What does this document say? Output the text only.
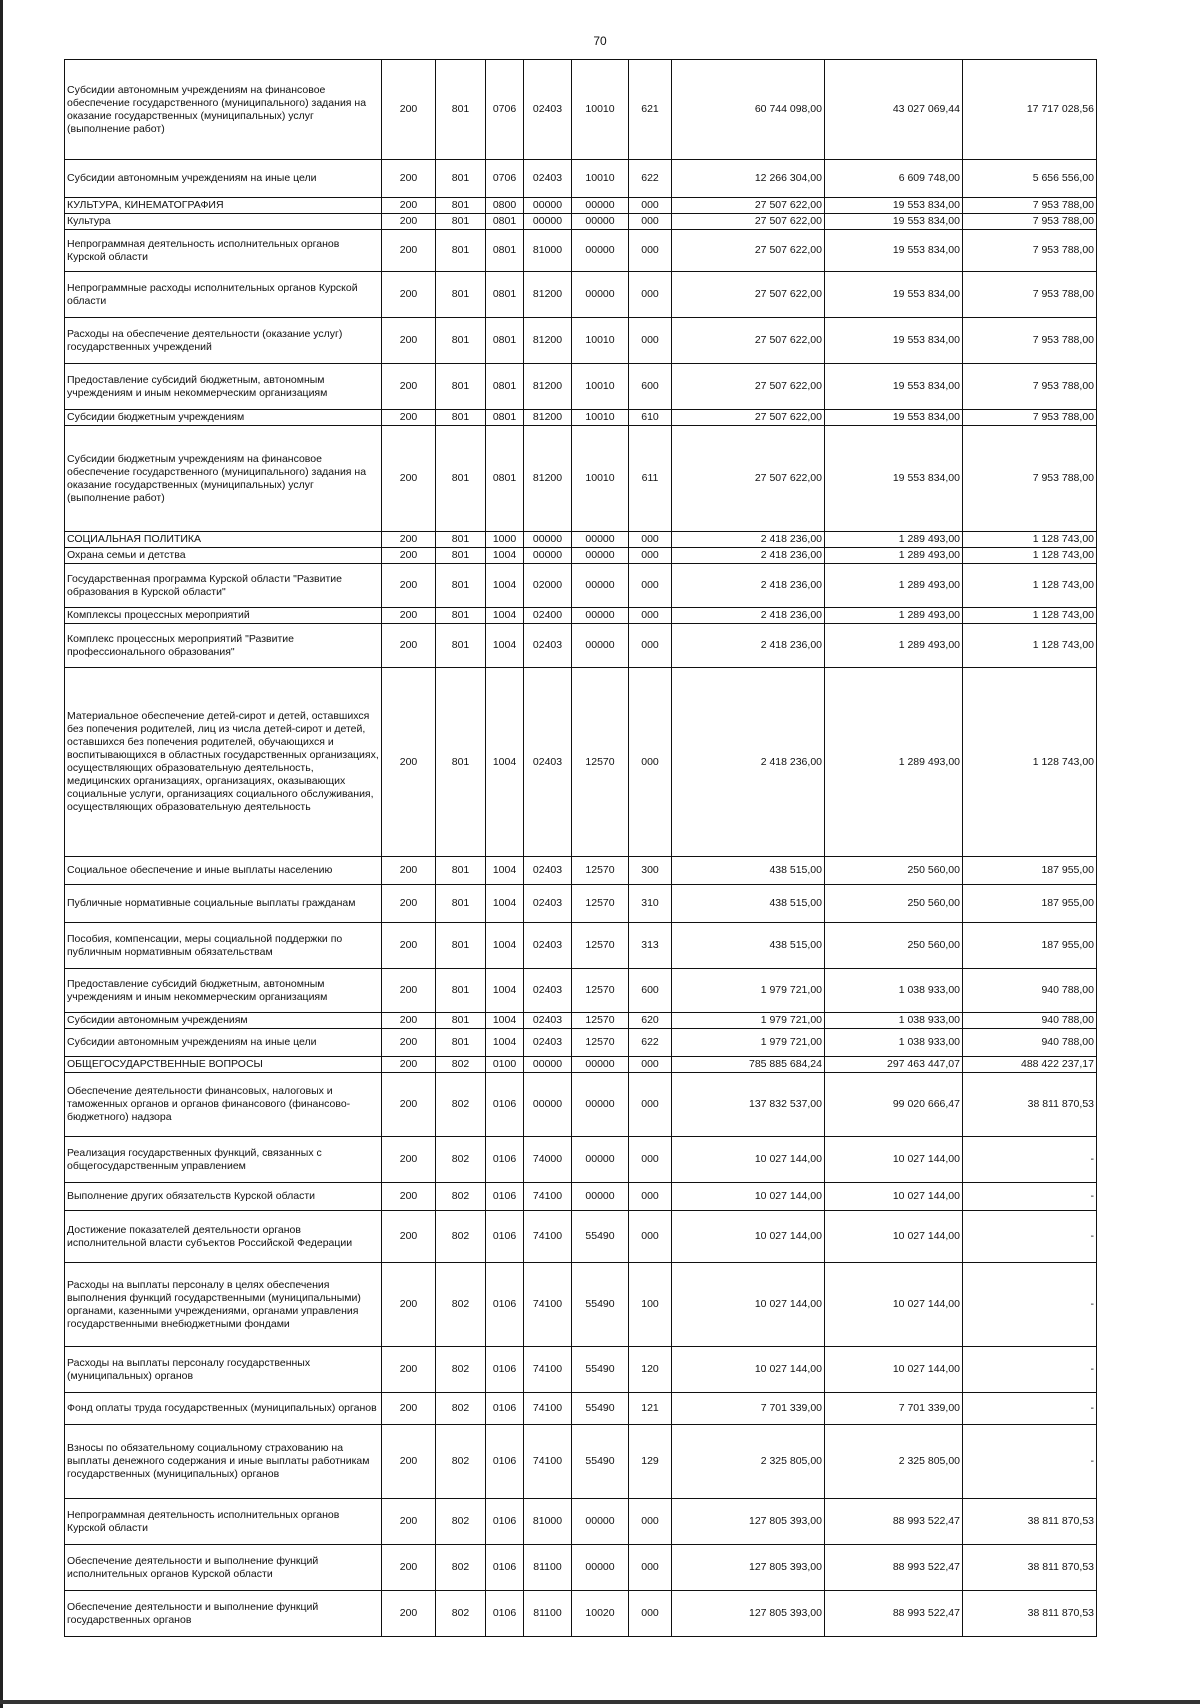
70
Субсидии автономным учреждениям на финансовое обеспечение государственного (муниципального) задания на оказание государственных (муниципальных) услуг (выполнение работ)	200	801	0706	02403	10010	621	60 744 098,00	43 027 069,44	17 717 028,56
Субсидии автономным учреждениям на иные цели	200	801	0706	02403	10010	622	12 266 304,00	6 609 748,00	5 656 556,00
КУЛЬТУРА, КИНЕМАТОГРАФИЯ	200	801	0800	00000	00000	000	27 507 622,00	19 553 834,00	7 953 788,00
Культура	200	801	0801	00000	00000	000	27 507 622,00	19 553 834,00	7 953 788,00
Непрограммная деятельность исполнительных органов Курской области	200	801	0801	81000	00000	000	27 507 622,00	19 553 834,00	7 953 788,00
Непрограммные расходы исполнительных органов Курской области	200	801	0801	81200	00000	000	27 507 622,00	19 553 834,00	7 953 788,00
Расходы на обеспечение деятельности (оказание услуг) государственных учреждений	200	801	0801	81200	10010	000	27 507 622,00	19 553 834,00	7 953 788,00
Предоставление субсидий бюджетным, автономным учреждениям и иным некоммерческим организациям	200	801	0801	81200	10010	600	27 507 622,00	19 553 834,00	7 953 788,00
Субсидии бюджетным учреждениям	200	801	0801	81200	10010	610	27 507 622,00	19 553 834,00	7 953 788,00
Субсидии бюджетным учреждениям на финансовое обеспечение государственного (муниципального) задания на оказание государственных (муниципальных) услуг (выполнение работ)	200	801	0801	81200	10010	611	27 507 622,00	19 553 834,00	7 953 788,00
СОЦИАЛЬНАЯ ПОЛИТИКА	200	801	1000	00000	00000	000	2 418 236,00	1 289 493,00	1 128 743,00
Охрана семьи и детства	200	801	1004	00000	00000	000	2 418 236,00	1 289 493,00	1 128 743,00
Государственная программа Курской области "Развитие образования в Курской области"	200	801	1004	02000	00000	000	2 418 236,00	1 289 493,00	1 128 743,00
Комплексы процессных мероприятий	200	801	1004	02400	00000	000	2 418 236,00	1 289 493,00	1 128 743,00
Комплекс процессных мероприятий "Развитие профессионального образования"	200	801	1004	02403	00000	000	2 418 236,00	1 289 493,00	1 128 743,00
Материальное обеспечение детей-сирот и детей, оставшихся без попечения родителей, лиц из числа детей-сирот и детей, оставшихся без попечения родителей, обучающихся и воспитывающихся в областных государственных организациях, осуществляющих образовательную деятельность, медицинских организациях, организациях, оказывающих социальные услуги, организациях социального обслуживания, осуществляющих образовательную деятельность	200	801	1004	02403	12570	000	2 418 236,00	1 289 493,00	1 128 743,00
Социальное обеспечение и иные выплаты населению	200	801	1004	02403	12570	300	438 515,00	250 560,00	187 955,00
Публичные нормативные социальные выплаты гражданам	200	801	1004	02403	12570	310	438 515,00	250 560,00	187 955,00
Пособия, компенсации, меры социальной поддержки по публичным нормативным обязательствам	200	801	1004	02403	12570	313	438 515,00	250 560,00	187 955,00
Предоставление субсидий бюджетным, автономным учреждениям и иным некоммерческим организациям	200	801	1004	02403	12570	600	1 979 721,00	1 038 933,00	940 788,00
Субсидии автономным учреждениям	200	801	1004	02403	12570	620	1 979 721,00	1 038 933,00	940 788,00
Субсидии автономным учреждениям на иные цели	200	801	1004	02403	12570	622	1 979 721,00	1 038 933,00	940 788,00
ОБЩЕГОСУДАРСТВЕННЫЕ ВОПРОСЫ	200	802	0100	00000	00000	000	785 885 684,24	297 463 447,07	488 422 237,17
Обеспечение деятельности финансовых, налоговых и таможенных органов и органов финансового (финансово-бюджетного) надзора	200	802	0106	00000	00000	000	137 832 537,00	99 020 666,47	38 811 870,53
Реализация государственных функций, связанных с общегосударственным управлением	200	802	0106	74000	00000	000	10 027 144,00	10 027 144,00	-
Выполнение других обязательств Курской области	200	802	0106	74100	00000	000	10 027 144,00	10 027 144,00	-
Достижение показателей деятельности органов исполнительной власти субъектов Российской Федерации	200	802	0106	74100	55490	000	10 027 144,00	10 027 144,00	-
Расходы на выплаты персоналу в целях обеспечения выполнения функций государственными (муниципальными) органами, казенными учреждениями, органами управления государственными внебюджетными фондами	200	802	0106	74100	55490	100	10 027 144,00	10 027 144,00	-
Расходы на выплаты персоналу государственных (муниципальных) органов	200	802	0106	74100	55490	120	10 027 144,00	10 027 144,00	-
Фонд оплаты труда государственных (муниципальных) органов	200	802	0106	74100	55490	121	7 701 339,00	7 701 339,00	-
Взносы по обязательному социальному страхованию на выплаты денежного содержания и иные выплаты работникам государственных (муниципальных) органов	200	802	0106	74100	55490	129	2 325 805,00	2 325 805,00	-
Непрограммная деятельность исполнительных органов Курской области	200	802	0106	81000	00000	000	127 805 393,00	88 993 522,47	38 811 870,53
Обеспечение деятельности и выполнение функций исполнительных органов Курской области	200	802	0106	81100	00000	000	127 805 393,00	88 993 522,47	38 811 870,53
Обеспечение деятельности и выполнение функций государственных органов	200	802	0106	81100	10020	000	127 805 393,00	88 993 522,47	38 811 870,53
